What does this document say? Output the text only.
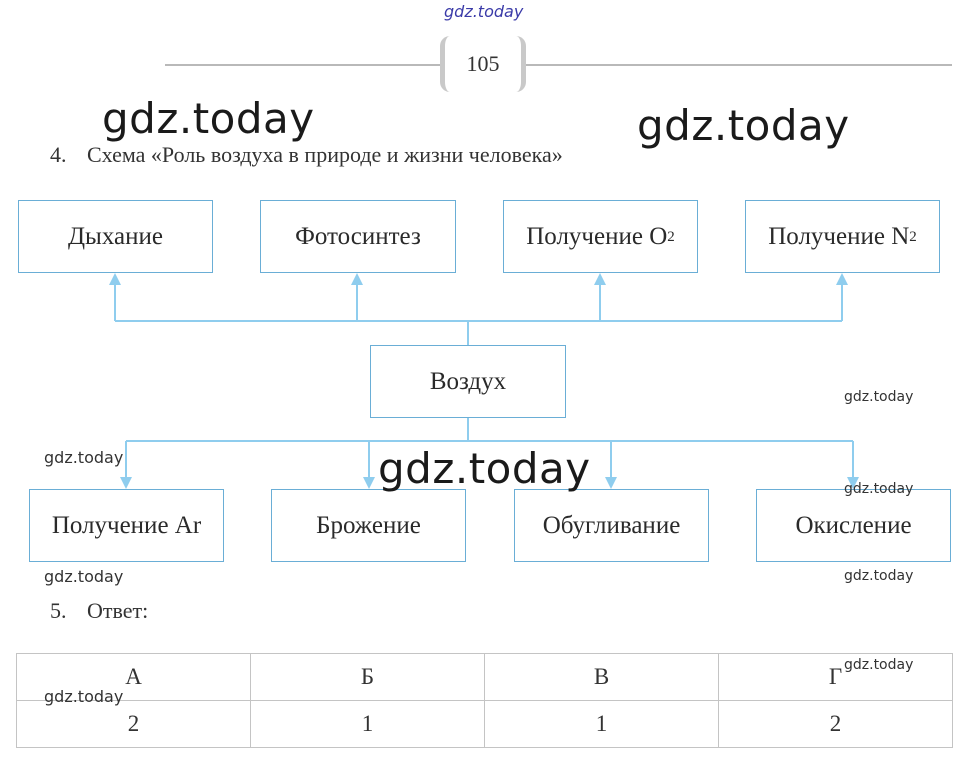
105
gdz.today
4. Схема «Роль воздуха в природе и жизни человека»
Дыхание	Фотосинтез	Получение O 2	Получение N 2
Воздух
Получение Ar	Брожение	Обугливание	Окисление
5. Ответ:
А	Б	В	Г
2	1	1	2
gdz.today	gdz.today
gdz.today
gdz.today
gdz.today
gdz.today
gdz.today	gdz.today
gdz.today
gdz.today
